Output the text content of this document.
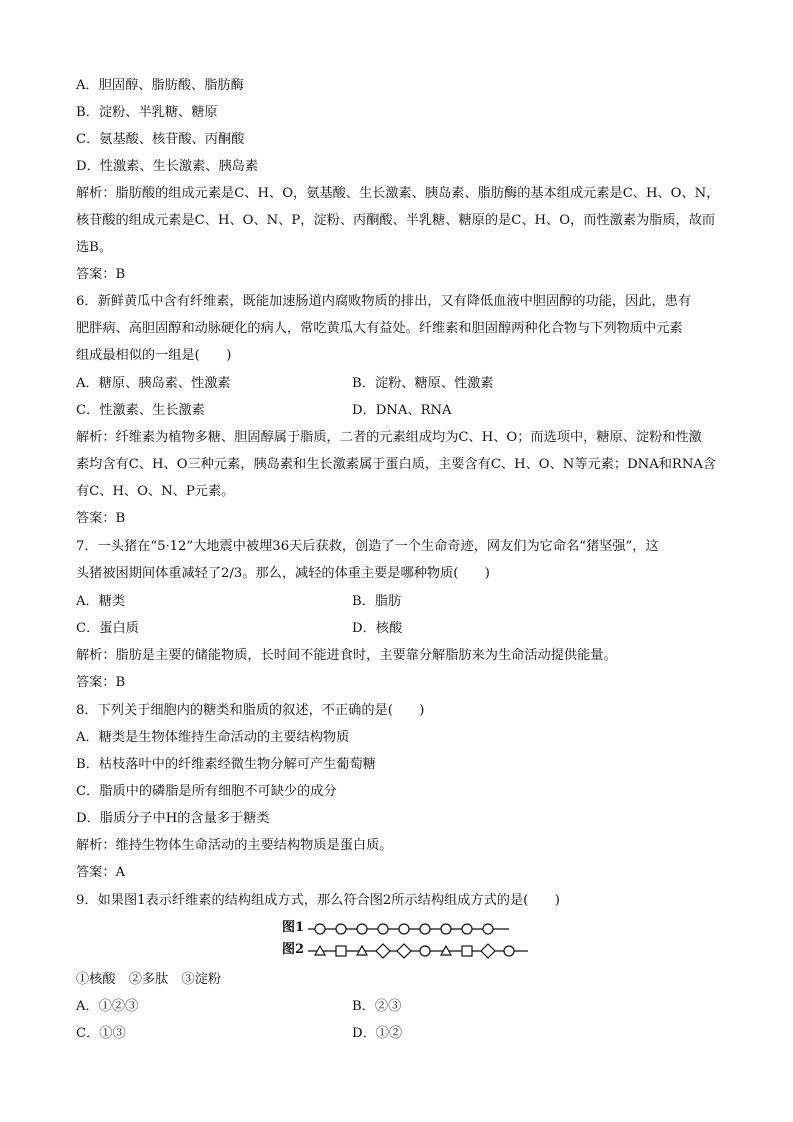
A．胆固醇、脂肪酸、脂肪酶
B．淀粉、半乳糖、糖原
C．氨基酸、核苷酸、丙酮酸
D．性激素、生长激素、胰岛素
解析：脂肪酸的组成元素是C、H、O，氨基酸、生长激素、胰岛素、脂肪酶的基本组成元素是C、H、O、N，
核苷酸的组成元素是C、H、O、N、P，淀粉、丙酮酸、半乳糖、糖原的是C、H、O，而性激素为脂质，故而
选B。
答案：B
6．新鲜黄瓜中含有纤维素，既能加速肠道内腐败物质的排出，又有降低血液中胆固醇的功能，因此，患有
肥胖病、高胆固醇和动脉硬化的病人，常吃黄瓜大有益处。纤维素和胆固醇两种化合物与下列物质中元素
组成最相似的一组是(　　)
A．糖原、胰岛素、性激素	B．淀粉、糖原、性激素
C．性激素、生长激素	D．DNA、RNA
解析：纤维素为植物多糖、胆固醇属于脂质，二者的元素组成均为C、H、O；而选项中，糖原、淀粉和性激
素均含有C、H、O三种元素，胰岛素和生长激素属于蛋白质，主要含有C、H、O、N等元素；DNA和RNA含
有C、H、O、N、P元素。
答案：B
7．一头猪在“5·12”大地震中被埋36天后获救，创造了一个生命奇迹，网友们为它命名“猪坚强”，这
头猪被困期间体重减轻了2/3。那么，减轻的体重主要是哪种物质(　　)
A．糖类	B．脂肪
C．蛋白质	D．核酸
解析：脂肪是主要的储能物质，长时间不能进食时，主要靠分解脂肪来为生命活动提供能量。
答案：B
8．下列关于细胞内的糖类和脂质的叙述，不正确的是(　　)
A．糖类是生物体维持生命活动的主要结构物质
B．枯枝落叶中的纤维素经微生物分解可产生葡萄糖
C．脂质中的磷脂是所有细胞不可缺少的成分
D．脂质分子中H的含量多于糖类
解析：维持生物体生命活动的主要结构物质是蛋白质。
答案：A
9．如果图1表示纤维素的结构组成方式，那么符合图2所示结构组成方式的是(　　)
图1
图2
①核酸　②多肽　③淀粉
A．①②③	B．②③
C．①③	D．①②
